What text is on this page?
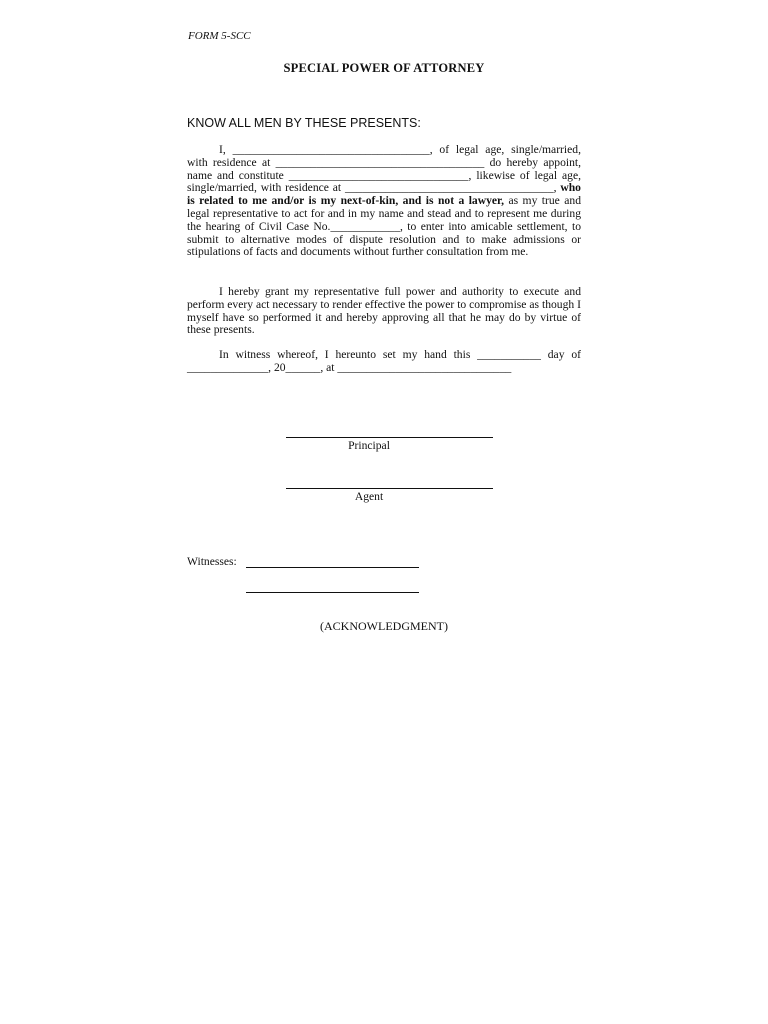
FORM 5-SCC
SPECIAL POWER OF ATTORNEY
KNOW ALL MEN BY THESE PRESENTS:

I, __________________________________, of legal age, single/married, with residence at ____________________________________ do hereby appoint, name and constitute _______________________________, likewise of legal age, single/married, with residence at ____________________________________, who is related to me and/or is my next-of-kin, and is not a lawyer, as my true and legal representative to act for and in my name and stead and to represent me during the hearing of Civil Case No.____________, to enter into amicable settlement, to submit to alternative modes of dispute resolution and to make admissions or stipulations of facts and documents without further consultation from me.

I hereby grant my representative full power and authority to execute and perform every act necessary to render effective the power to compromise as though I myself have so performed it and hereby approving all that he may do by virtue of these presents.

In witness whereof, I hereunto set my hand this ___________ day of ______________, 20______, at ______________________________

Principal
Agent
Witnesses:
(ACKNOWLEDGMENT)
